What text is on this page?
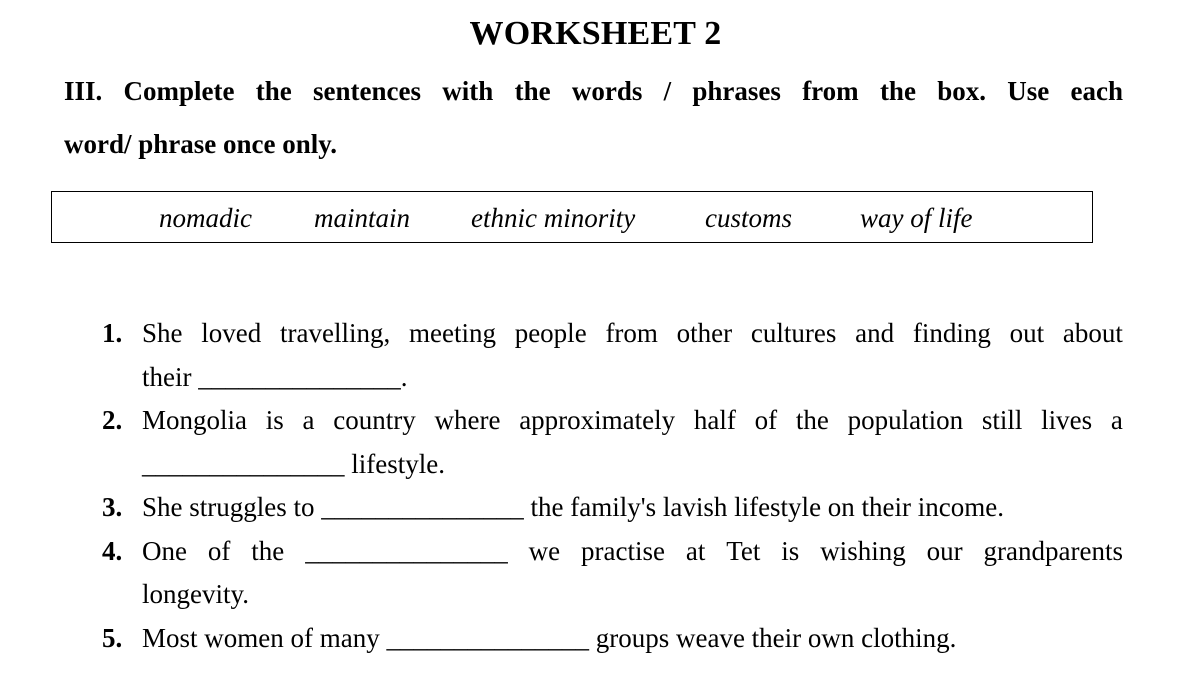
WORKSHEET 2
III. Complete the sentences with the words / phrases from the box. Use each
word/ phrase once only.
nomadic maintain ethnic minority	customs	way of life
1. She loved travelling, meeting people from other cultures and finding out about
their _______________.
2. Mongolia is a country where approximately half of the population still lives a
_______________ lifestyle.
3. She struggles to _______________ the family's lavish lifestyle on their income.
4. One of the _______________ we practise at Tet is wishing our grandparents
longevity.
5. Most women of many _______________ groups weave their own clothing.
